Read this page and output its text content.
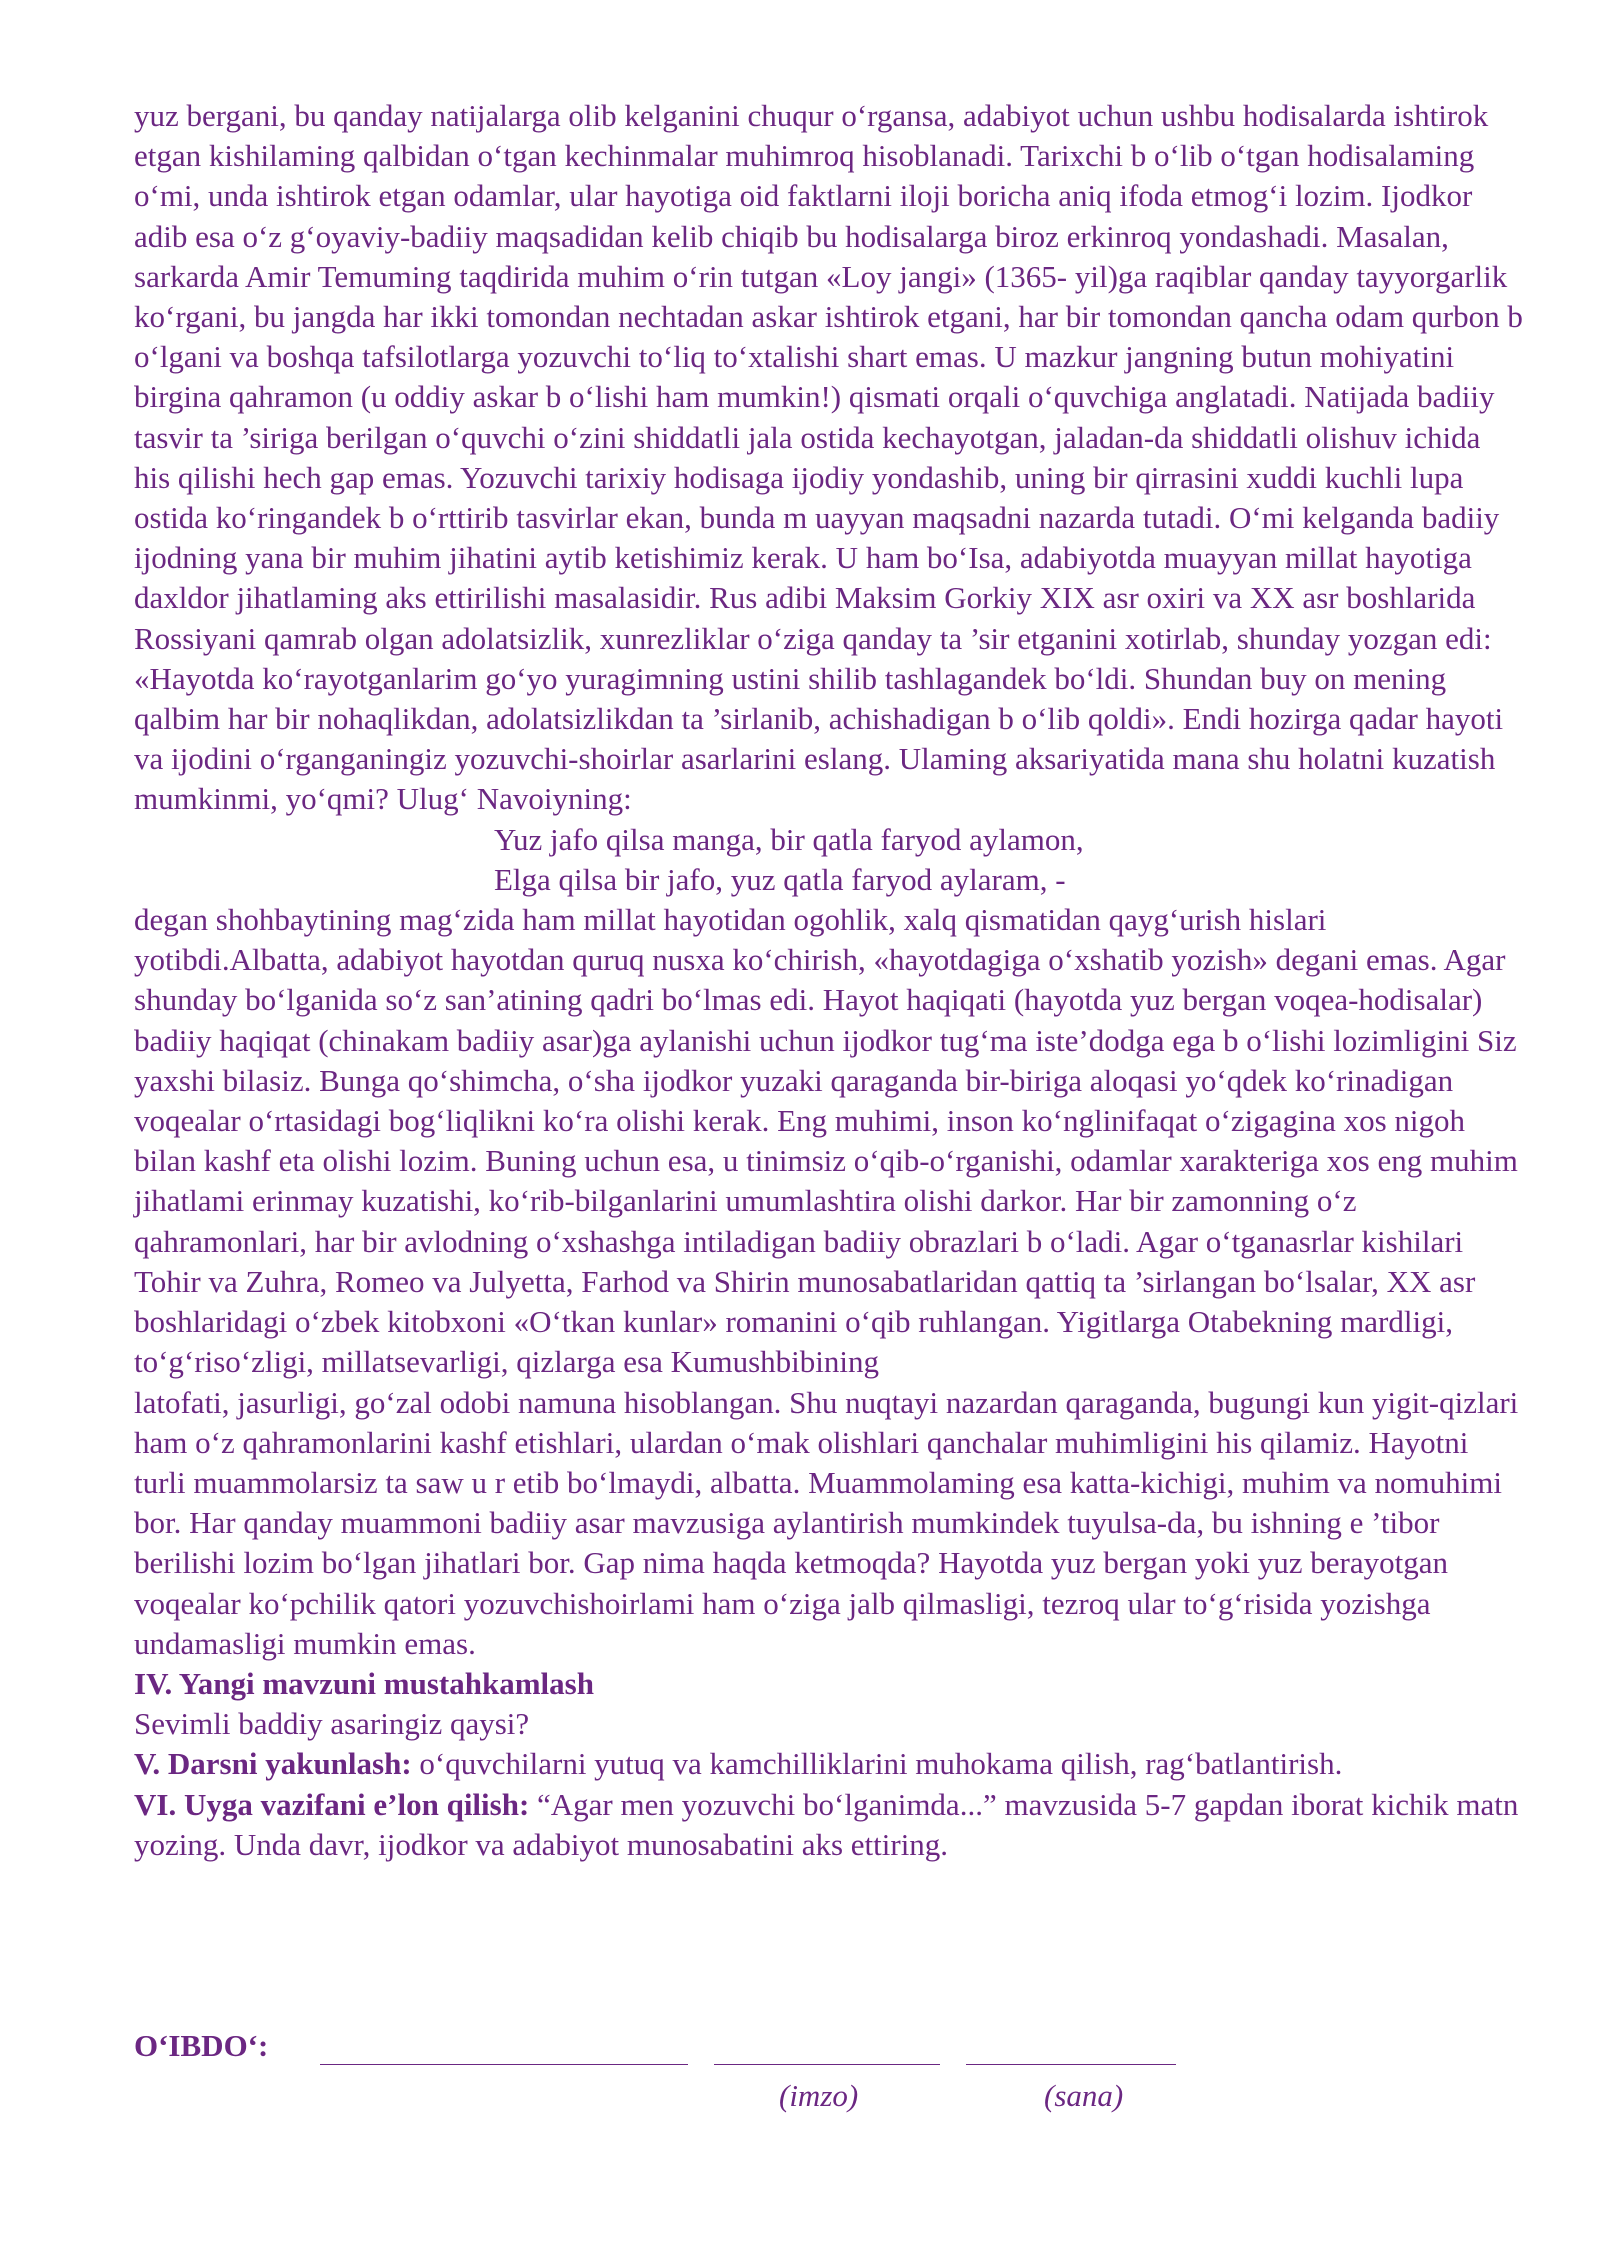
yuz bergani, bu qanday natijalarga olib kelganini chuqur o‘rgansa, adabiyot uchun ushbu hodisalarda ishtirok etgan kishilaming qalbidan o‘tgan kechinmalar muhimroq hisoblanadi. Tarixchi b o‘lib o‘tgan hodisalaming o‘mi, unda ishtirok etgan odamlar, ular hayotiga oid faktlarni iloji boricha aniq ifoda etmog‘i lozim. Ijodkor adib esa o‘z g‘oyaviy-badiiy maqsadidan kelib chiqib bu hodisalarga biroz erkinroq yondashadi. Masalan, sarkarda Amir Temuming taqdirida muhim o‘rin tutgan «Loy jangi» (1365- yil)ga raqiblar qanday tayyorgarlik ko‘rgani, bu jangda har ikki tomondan nechtadan askar ishtirok etgani, har bir tomondan qancha odam qurbon b o‘lgani va boshqa tafsilotlarga yozuvchi to‘liq to‘xtalishi shart emas. U mazkur jangning butun mohiyatini birgina qahramon (u oddiy askar b o‘lishi ham mumkin!) qismati orqali o‘quvchiga anglatadi. Natijada badiiy tasvir ta ’siriga berilgan o‘quvchi o‘zini shiddatli jala ostida kechayotgan, jaladan-da shiddatli olishuv ichida his qilishi hech gap emas. Yozuvchi tarixiy hodisaga ijodiy yondashib, uning bir qirrasini xuddi kuchli lupa ostida ko‘ringandek b o‘rttirib tasvirlar ekan, bunda m uayyan maqsadni nazarda tutadi. O‘mi kelganda badiiy ijodning yana bir muhim jihatini aytib ketishimiz kerak. U ham bo‘Isa, adabiyotda muayyan millat hayotiga daxldor jihatlaming aks ettirilishi masalasidir. Rus adibi Maksim Gorkiy XIX asr oxiri va XX asr boshlarida Rossiyani qamrab olgan adolatsizlik, xunrezliklar o‘ziga qanday ta ’sir etganini xotirlab, shunday yozgan edi: «Hayotda ko‘rayotganlarim go‘yo yuragimning ustini shilib tashlagandek bo‘ldi. Shundan buy on mening qalbim har bir nohaqlikdan, adolatsizlikdan ta ’sirlanib, achishadigan b o‘lib qoldi». Endi hozirga qadar hayoti va ijodini o‘rganganingiz yozuvchi-shoirlar asarlarini eslang. Ulaming aksariyatida mana shu holatni kuzatish mumkinmi, yo‘qmi? Ulug‘ Navoiyning:

Yuz jafo qilsa manga, bir qatla faryod aylamon,
Elga qilsa bir jafo, yuz qatla faryod aylaram, -

degan shohbaytining mag‘zida ham millat hayotidan ogohlik, xalq qismatidan qayg‘urish hislari yotibdi.Albatta, adabiyot hayotdan quruq nusxa ko‘chirish, «hayotdagiga o‘xshatib yozish» degani emas. Agar shunday bo‘lganida so‘z san’atining qadri bo‘lmas edi. Hayot haqiqati (hayotda yuz bergan voqea-hodisalar) badiiy haqiqat (chinakam badiiy asar)ga aylanishi uchun ijodkor tug‘ma iste’dodga ega b o‘lishi lozimligini Siz yaxshi bilasiz. Bunga qo‘shimcha, o‘sha ijodkor yuzaki qaraganda bir-biriga aloqasi yo‘qdek ko‘rinadigan voqealar o‘rtasidagi bog‘liqlikni ko‘ra olishi kerak. Eng muhimi, inson ko‘nglinifaqat o‘zigagina xos nigoh bilan kashf eta olishi lozim. Buning uchun esa, u tinimsiz o‘qib-o‘rganishi, odamlar xarakteriga xos eng muhim jihatlami erinmay kuzatishi, ko‘rib-bilganlarini umumlashtira olishi darkor. Har bir zamonning o‘z qahramonlari, har bir avlodning o‘xshashga intiladigan badiiy obrazlari b o‘ladi. Agar o‘tganasrlar kishilari Tohir va Zuhra, Romeo va Julyetta, Farhod va Shirin munosabatlaridan qattiq ta ’sirlangan bo‘lsalar, XX asr boshlaridagi o‘zbek kitobxoni «O‘tkan kunlar» romanini o‘qib ruhlangan. Yigitlarga Otabekning mardligi, to‘g‘riso‘zligi, millatsevarligi, qizlarga esa Kumushbibining

latofati, jasurligi, go‘zal odobi namuna hisoblangan. Shu nuqtayi nazardan qaraganda, bugungi kun yigit-qizlari ham o‘z qahramonlarini kashf etishlari, ulardan o‘mak olishlari qanchalar muhimligini his qilamiz. Hayotni turli muammolarsiz ta saw u r etib bo‘lmaydi, albatta. Muammolaming esa katta-kichigi, muhim va nomuhimi bor. Har qanday muammoni badiiy asar mavzusiga aylantirish mumkindek tuyulsa-da, bu ishning e ’tibor berilishi lozim bo‘lgan jihatlari bor. Gap nima haqda ketmoqda? Hayotda yuz bergan yoki yuz berayotgan voqealar ko‘pchilik qatori yozuvchishoirlami ham o‘ziga jalb qilmasligi, tezroq ular to‘g‘risida yozishga undamasligi mumkin emas.

IV. Yangi mavzuni mustahkamlash

Sevimli baddiy asaringiz qaysi?

V. Darsni yakunlash: o‘quvchilarni yutuq va kamchilliklarini muhokama qilish, rag‘batlantirish.

VI. Uyga vazifani e’lon qilish: “Agar men yozuvchi bo‘lganimda...” mavzusida 5-7 gapdan iborat kichik matn yozing. Unda davr, ijodkor va adabiyot munosabatini aks ettiring.

O‘IBDO‘:
(imzo)	(sana)
